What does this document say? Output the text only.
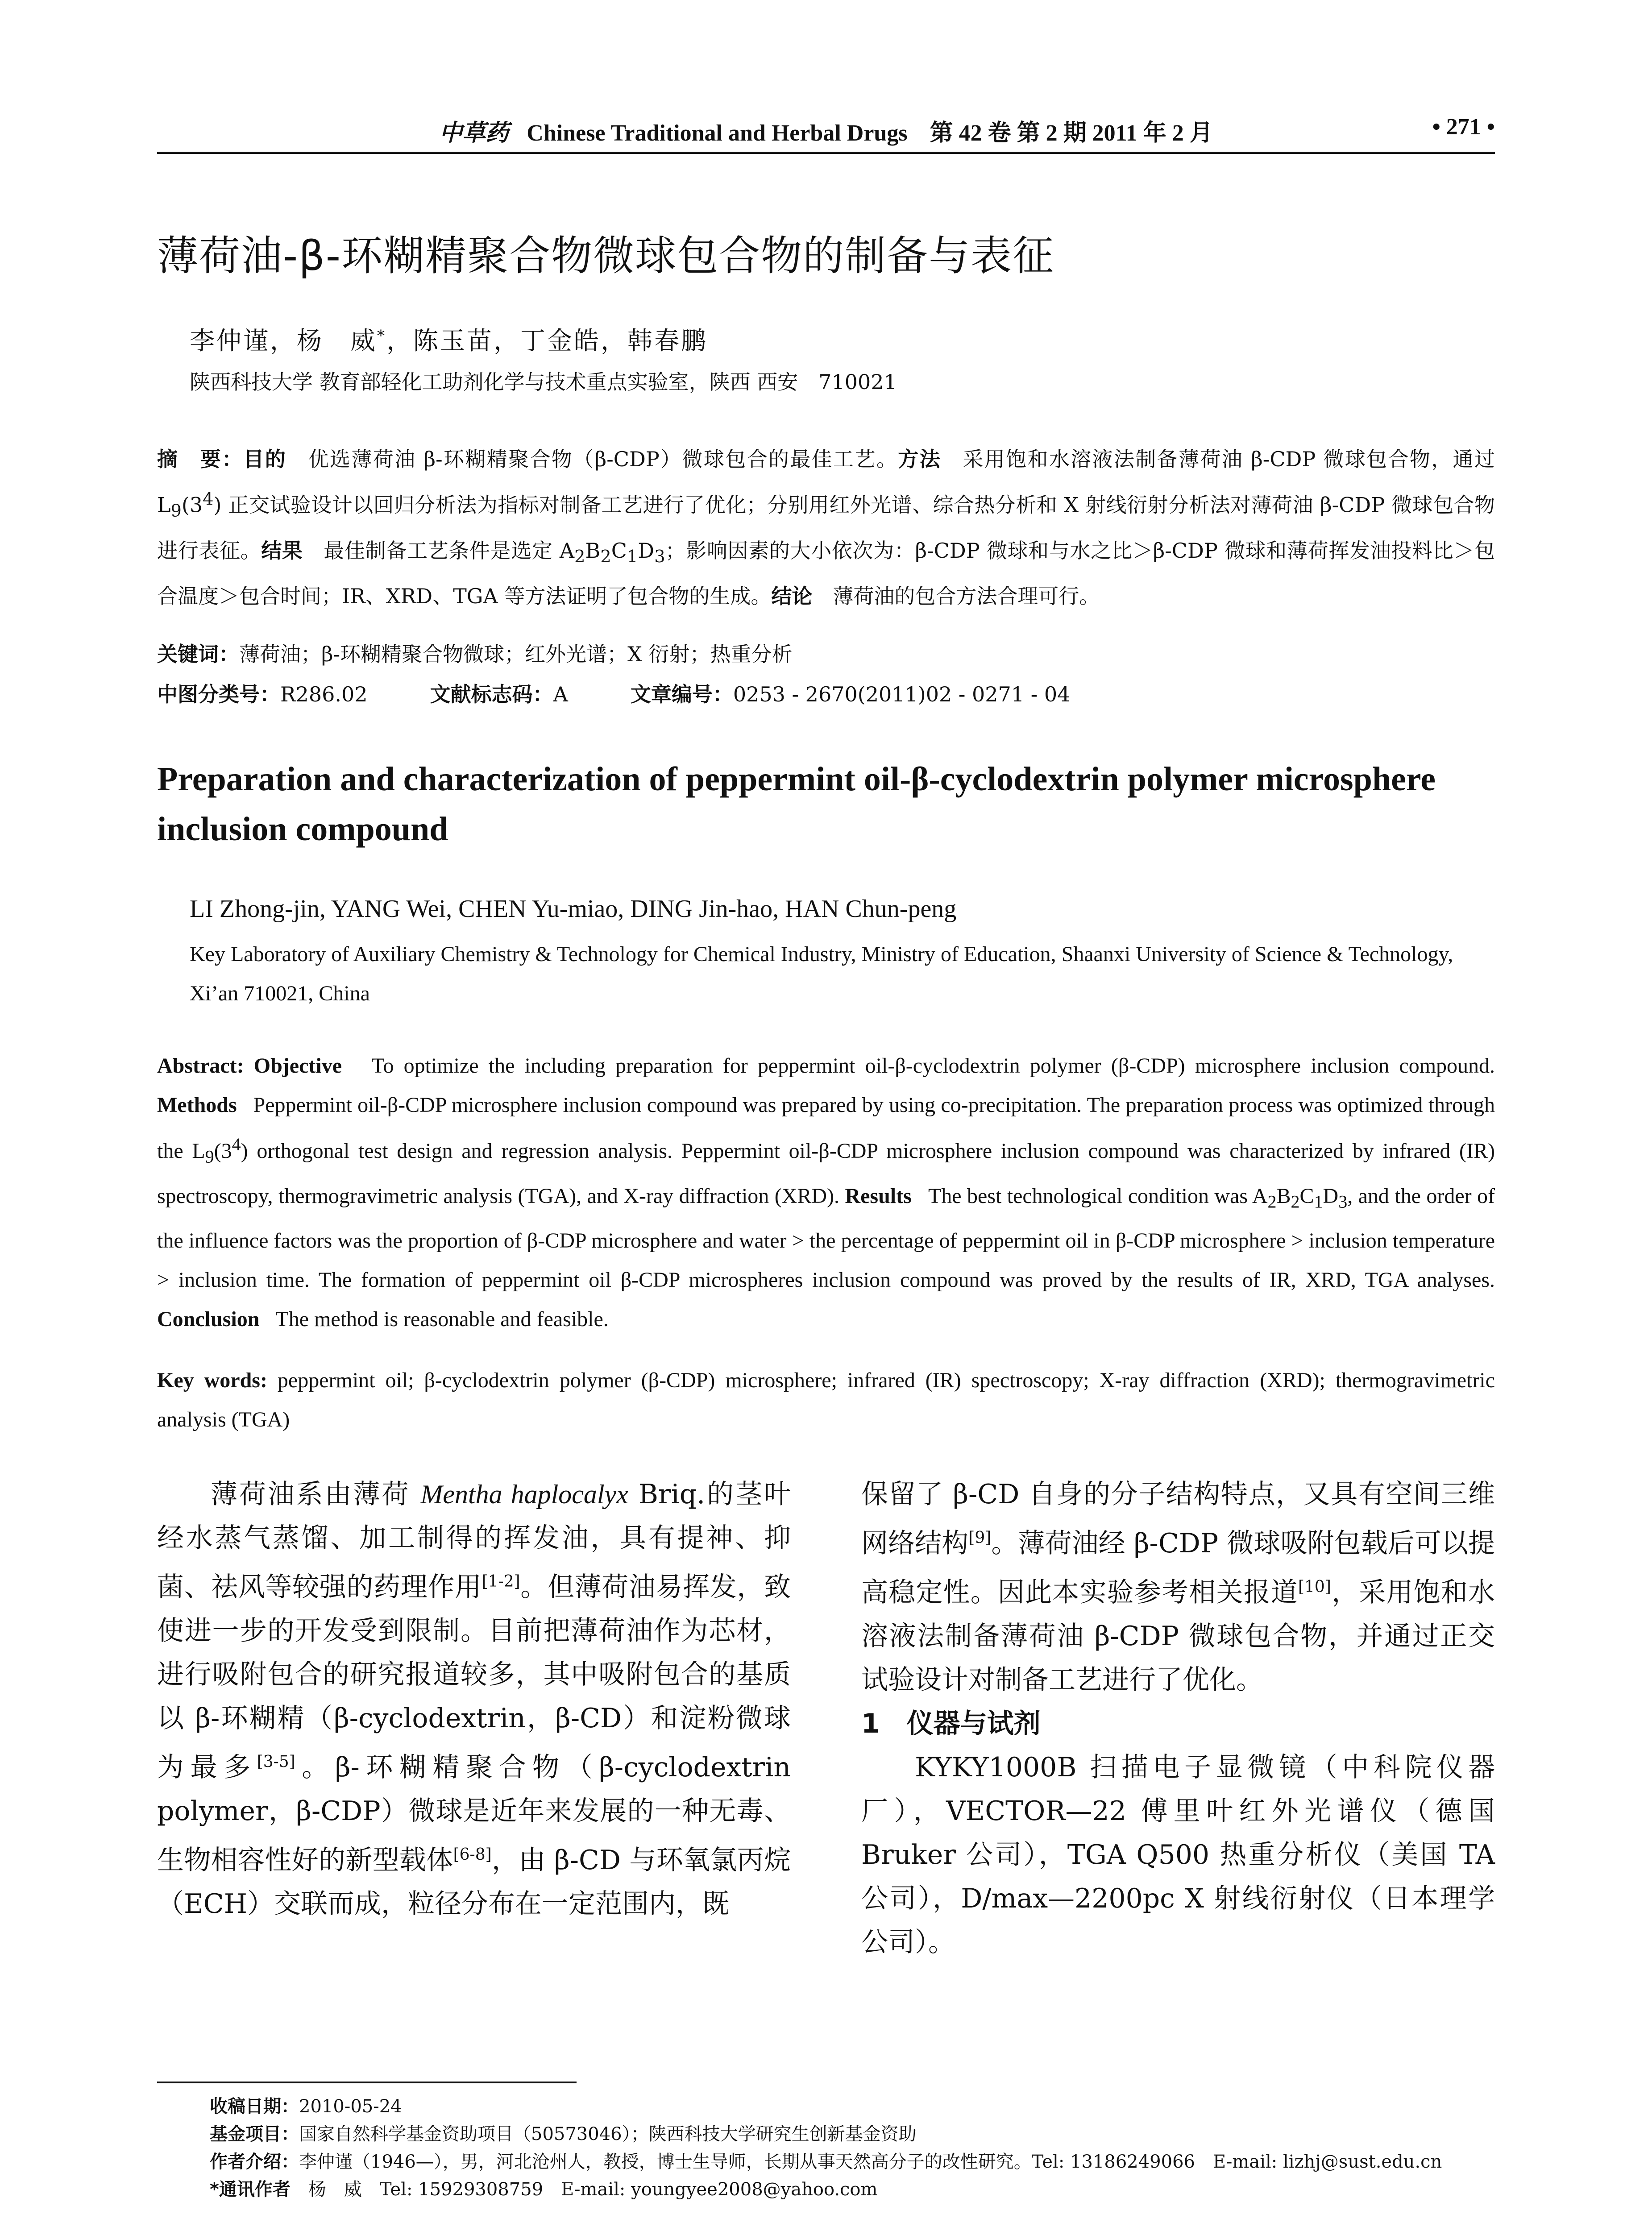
中草药 Chinese Traditional and Herbal Drugs 第 42 卷 第 2 期 2011 年 2 月	• 271 •
薄荷油-β-环糊精聚合物微球包合物的制备与表征
李仲谨，杨　威*，陈玉苗，丁金皓，韩春鹏
陕西科技大学 教育部轻化工助剂化学与技术重点实验室，陕西 西安　710021
摘　要：目的　优选薄荷油 β-环糊精聚合物（β-CDP）微球包合的最佳工艺。方法　采用饱和水溶液法制备薄荷油 β-CDP 微球包合物，通过 $L_9(3^4)$ 正交试验设计以回归分析法为指标对制备工艺进行了优化；分别用红外光谱、综合热分析和 X 射线衍射分析法对薄荷油 β-CDP 微球包合物进行表征。结果　最佳制备工艺条件是选定 $A_2B_2C_1D_3$；影响因素的大小依次为：β-CDP 微球和与水之比＞β-CDP 微球和薄荷挥发油投料比＞包合温度＞包合时间；IR、XRD、TGA 等方法证明了包合物的生成。结论　薄荷油的包合方法合理可行。
关键词：薄荷油；β-环糊精聚合物微球；红外光谱；X 衍射；热重分析
中图分类号：R286.02	文献标志码：A	文章编号：0253 - 2670(2011)02 - 0271 - 04
Preparation and characterization of peppermint oil-β-cyclodextrin polymer microsphere inclusion compound
LI Zhong-jin, YANG Wei, CHEN Yu-miao, DING Jin-hao, HAN Chun-peng
Key Laboratory of Auxiliary Chemistry & Technology for Chemical Industry, Ministry of Education, Shaanxi University of Science & Technology, Xi’an 710021, China
Abstract: Objective To optimize the including preparation for peppermint oil-β-cyclodextrin polymer (β-CDP) microsphere inclusion compound. Methods Peppermint oil-β-CDP microsphere inclusion compound was prepared by using co-precipitation. The preparation process was optimized through the $L_9(3^4)$ orthogonal test design and regression analysis. Peppermint oil-β-CDP microsphere inclusion compound was characterized by infrared (IR) spectroscopy, thermogravimetric analysis (TGA), and X-ray diffraction (XRD). Results The best technological condition was $A_2B_2C_1D_3$, and the order of the influence factors was the proportion of β-CDP microsphere and water > the percentage of peppermint oil in β-CDP microsphere > inclusion temperature > inclusion time. The formation of peppermint oil β-CDP microspheres inclusion compound was proved by the results of IR, XRD, TGA analyses. Conclusion The method is reasonable and feasible.
Key words: peppermint oil; β-cyclodextrin polymer (β-CDP) microsphere; infrared (IR) spectroscopy; X-ray diffraction (XRD); thermogravimetric analysis (TGA)

薄荷油系由薄荷 Mentha haplocalyx Briq.的茎叶经水蒸气蒸馏、加工制得的挥发油，具有提神、抑菌、祛风等较强的药理作用[1-2]。但薄荷油易挥发，致使进一步的开发受到限制。目前把薄荷油作为芯材，进行吸附包合的研究报道较多，其中吸附包合的基质以 β-环糊精（β-cyclodextrin，β-CD）和淀粉微球为最多[3-5]。β-环糊精聚合物（β-cyclodextrin polymer，β-CDP）微球是近年来发展的一种无毒、生物相容性好的新型载体[6-8]，由 β-CD 与环氧氯丙烷（ECH）交联而成，粒径分布在一定范围内，既

保留了 β-CD 自身的分子结构特点，又具有空间三维网络结构[9]。薄荷油经 β-CDP 微球吸附包载后可以提高稳定性。因此本实验参考相关报道[10]，采用饱和水溶液法制备薄荷油 β-CDP 微球包合物，并通过正交试验设计对制备工艺进行了优化。

1　仪器与试剂

KYKY1000B 扫描电子显微镜（中科院仪器厂），VECTOR—22 傅里叶红外光谱仪（德国 Bruker 公司），TGA Q500 热重分析仪（美国 TA 公司），D/max—2200pc X 射线衍射仪（日本理学公司）。

收稿日期：2010-05-24
基金项目：国家自然科学基金资助项目（50573046）；陕西科技大学研究生创新基金资助
作者介绍：李仲谨（1946—），男，河北沧州人，教授，博士生导师，长期从事天然高分子的改性研究。Tel: 13186249066　E-mail: lizhj@sust.edu.cn
*通讯作者　杨　威　Tel: 15929308759　E-mail: youngyee2008@yahoo.com
